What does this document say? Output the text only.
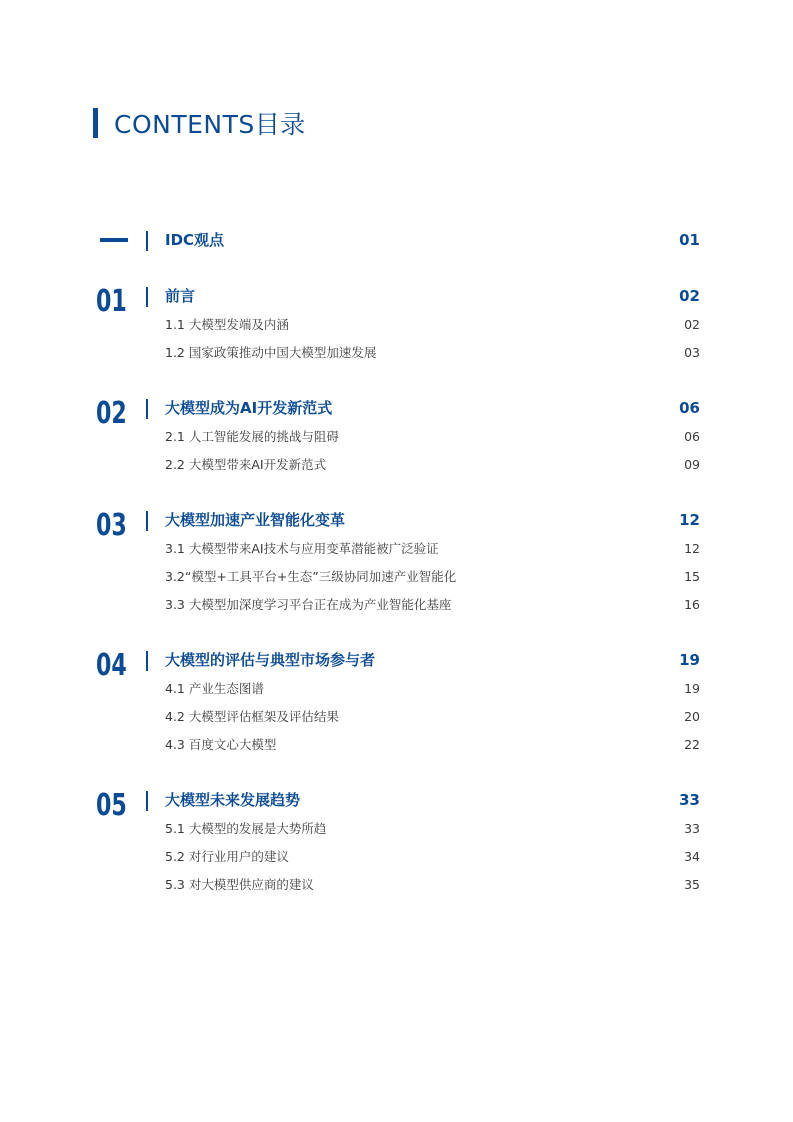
CONTENTS目录
IDC观点	01
01	前言	02
1.1 大模型发端及内涵	02
1.2 国家政策推动中国大模型加速发展	03
02	大模型成为AI开发新范式	06
2.1 人工智能发展的挑战与阻碍	06
2.2 大模型带来AI开发新范式	09
03	大模型加速产业智能化变革	12
3.1 大模型带来AI技术与应用变革潜能被广泛验证	12
3.2“模型+工具平台+生态”三级协同加速产业智能化	15
3.3 大模型加深度学习平台正在成为产业智能化基座	16
04	大模型的评估与典型市场参与者	19
4.1 产业生态图谱	19
4.2 大模型评估框架及评估结果	20
4.3 百度文心大模型	22
05	大模型未来发展趋势	33
5.1 大模型的发展是大势所趋	33
5.2 对行业用户的建议	34
5.3 对大模型供应商的建议	35
